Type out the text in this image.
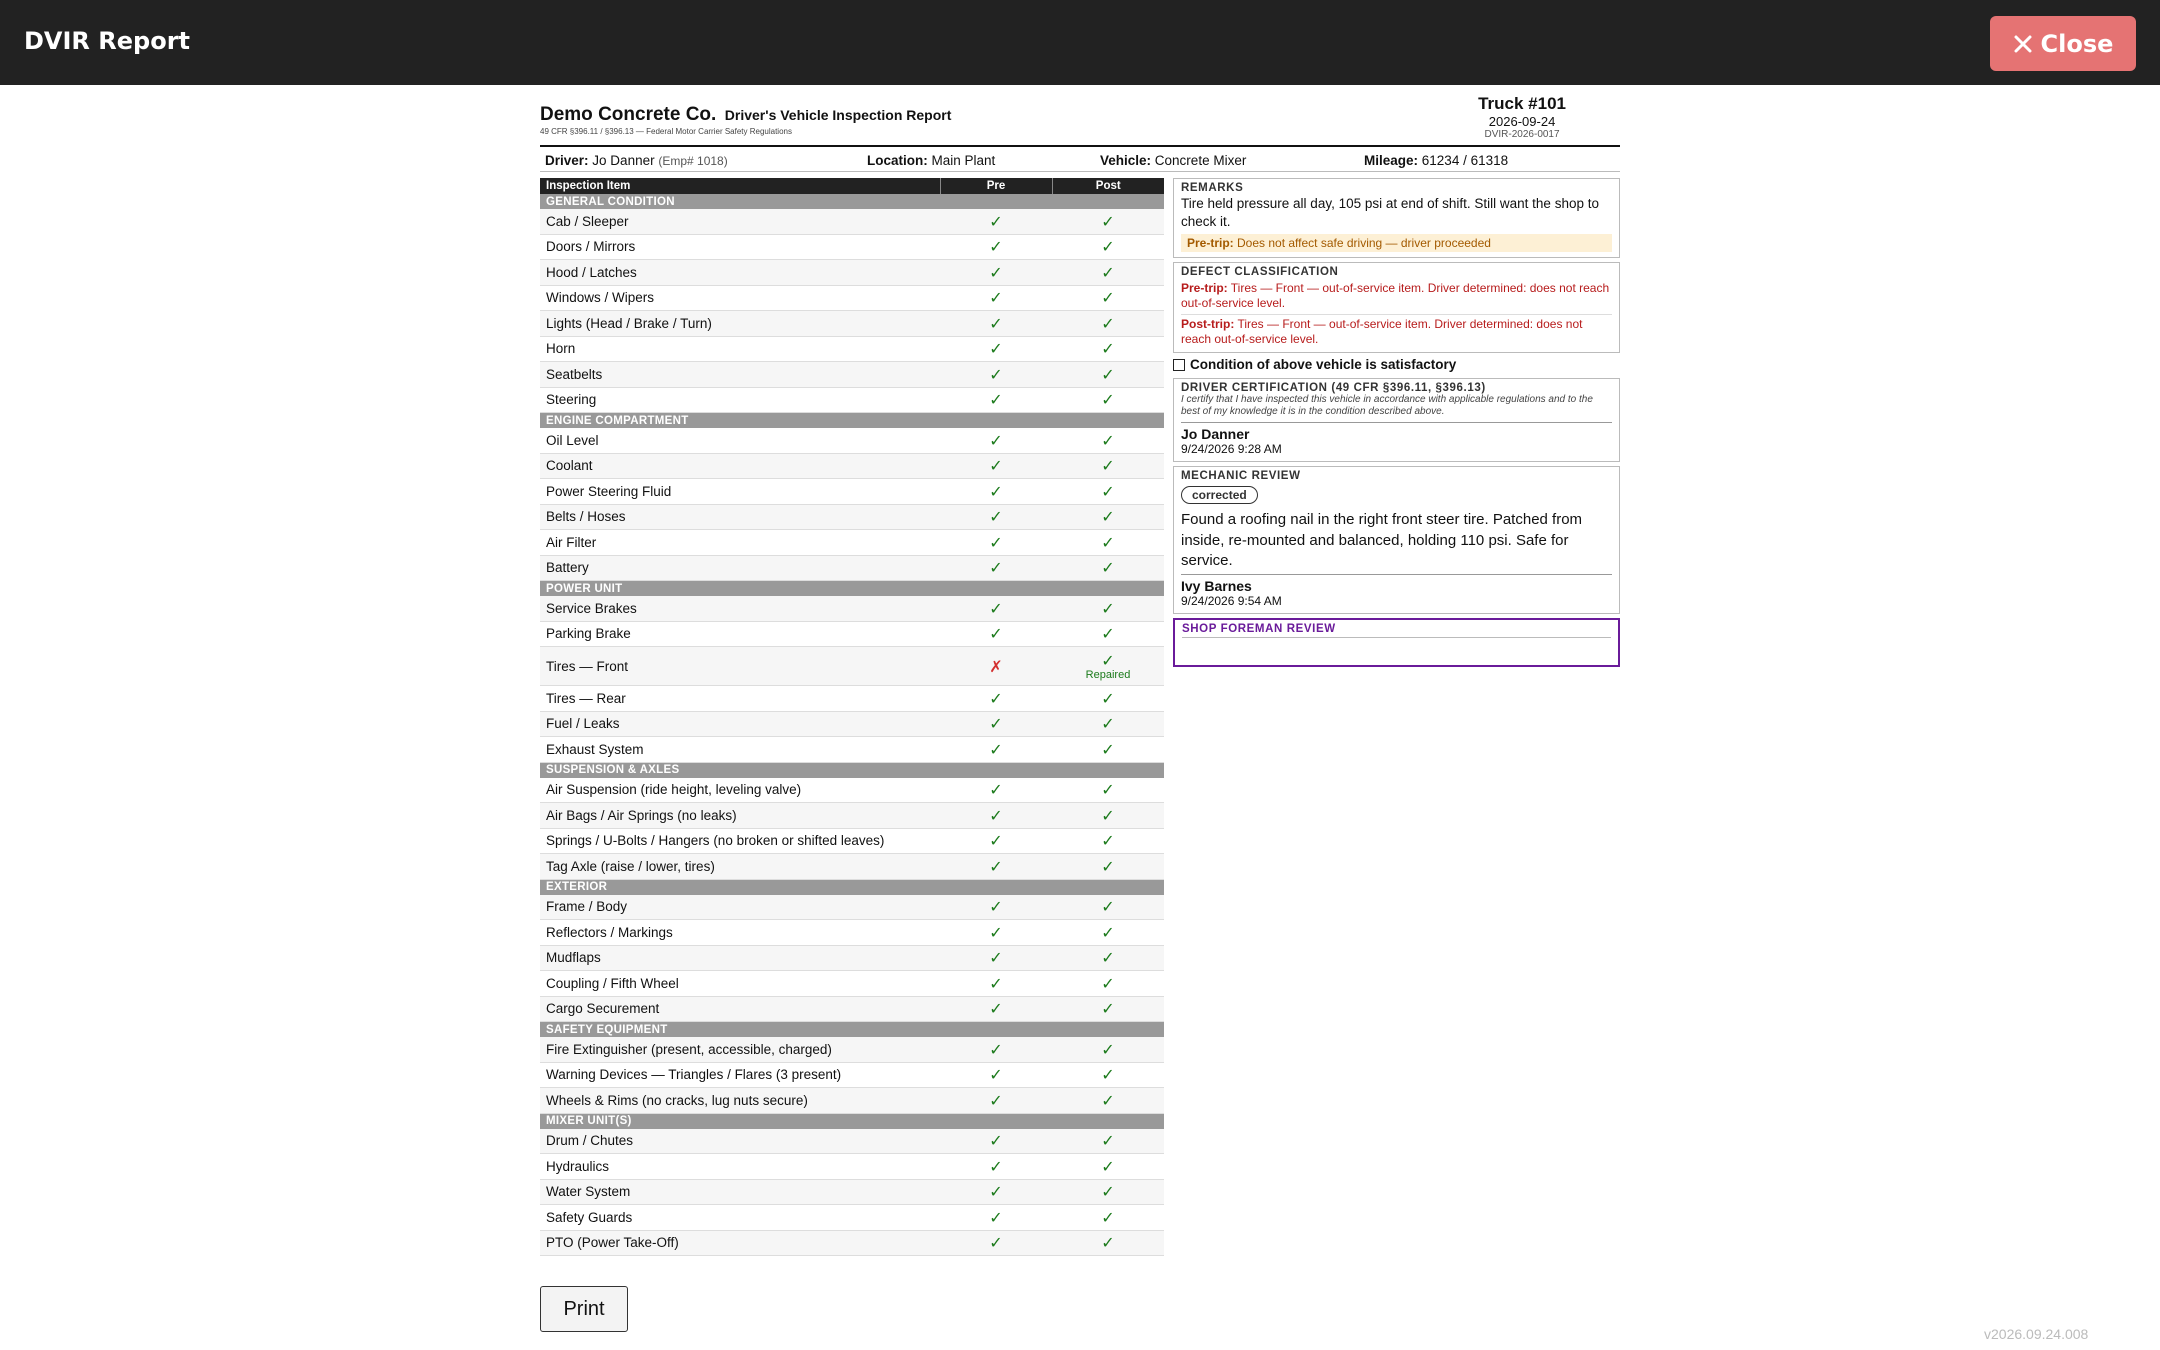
DVIR Report	Close
Demo Concrete Co. Driver's Vehicle Inspection Report
49 CFR §396.11 / §396.13 — Federal Motor Carrier Safety Regulations
Truck #101
2026-09-24
DVIR-2026-0017
Driver: Jo Danner (Emp# 1018)	Location: Main Plant	Vehicle: Concrete Mixer	Mileage: 61234 / 61318
Inspection Item	Pre	Post
GENERAL CONDITION		
Cab / Sleeper	✓	✓
Doors / Mirrors	✓	✓
Hood / Latches	✓	✓
Windows / Wipers	✓	✓
Lights (Head / Brake / Turn)	✓	✓
Horn	✓	✓
Seatbelts	✓	✓
Steering	✓	✓
ENGINE COMPARTMENT		
Oil Level	✓	✓
Coolant	✓	✓
Power Steering Fluid	✓	✓
Belts / Hoses	✓	✓
Air Filter	✓	✓
Battery	✓	✓
POWER UNIT		
Service Brakes	✓	✓
Parking Brake	✓	✓
Tires — Front	✗	✓
Repaired

Tires — Rear	✓	✓
Fuel / Leaks	✓	✓
Exhaust System	✓	✓
SUSPENSION & AXLES		
Air Suspension (ride height, leveling valve)	✓	✓
Air Bags / Air Springs (no leaks)	✓	✓
Springs / U-Bolts / Hangers (no broken or shifted leaves)	✓	✓
Tag Axle (raise / lower, tires)	✓	✓
EXTERIOR		
Frame / Body	✓	✓
Reflectors / Markings	✓	✓
Mudflaps	✓	✓
Coupling / Fifth Wheel	✓	✓
Cargo Securement	✓	✓
SAFETY EQUIPMENT		
Fire Extinguisher (present, accessible, charged)	✓	✓
Warning Devices — Triangles / Flares (3 present)	✓	✓
Wheels & Rims (no cracks, lug nuts secure)	✓	✓
MIXER UNIT(S)		
Drum / Chutes	✓	✓
Hydraulics	✓	✓
Water System	✓	✓
Safety Guards	✓	✓
PTO (Power Take-Off)	✓	✓
REMARKS
Tire held pressure all day, 105 psi at end of shift. Still want the shop to check it.
Pre-trip: Does not affect safe driving — driver proceeded
DEFECT CLASSIFICATION
Pre-trip: Tires — Front — out-of-service item. Driver determined: does not reach out-of-service level.
Post-trip: Tires — Front — out-of-service item. Driver determined: does not reach out-of-service level.
Condition of above vehicle is satisfactory
DRIVER CERTIFICATION (49 CFR §396.11, §396.13)
I certify that I have inspected this vehicle in accordance with applicable regulations and to the best of my knowledge it is in the condition described above.
Jo Danner
9/24/2026 9:28 AM
MECHANIC REVIEW
corrected
Found a roofing nail in the right front steer tire. Patched from inside, re-mounted and balanced, holding 110 psi. Safe for service.
Ivy Barnes
9/24/2026 9:54 AM
SHOP FOREMAN REVIEW
Print
v2026.09.24.008
